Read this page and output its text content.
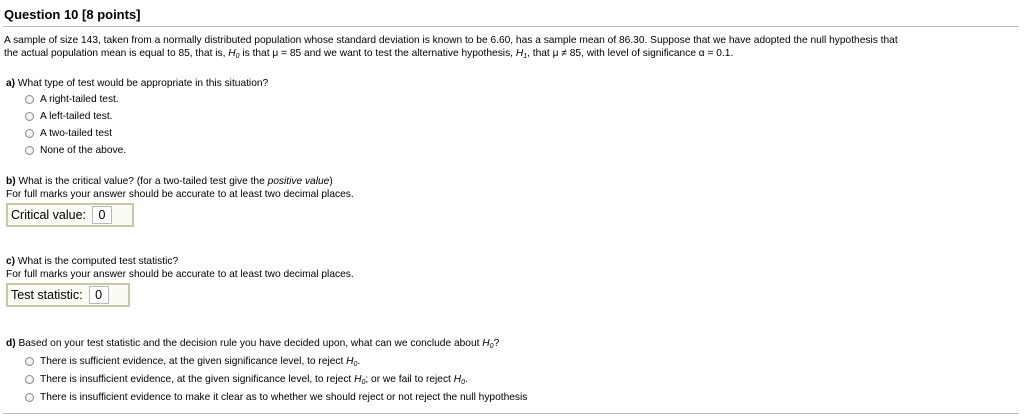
Question 10 [8 points]
A sample of size 143, taken from a normally distributed population whose standard deviation is known to be 6.60, has a sample mean of 86.30. Suppose that we have adopted the null hypothesis that
the actual population mean is equal to 85, that is, $H_0$ is that μ = 85 and we want to test the alternative hypothesis, $H_1$, that μ ≠ 85, with level of significance α = 0.1.
a) What type of test would be appropriate in this situation?
A right-tailed test.
A left-tailed test.
A two-tailed test
None of the above.
b) What is the critical value? (for a two-tailed test give the positive value)
For full marks your answer should be accurate to at least two decimal places.
Critical value:	0
c) What is the computed test statistic?
For full marks your answer should be accurate to at least two decimal places.
Test statistic:	0
d) Based on your test statistic and the decision rule you have decided upon, what can we conclude about $H_0$?
There is sufficient evidence, at the given significance level, to reject $H_0$.
There is insufficient evidence, at the given significance level, to reject $H_0$; or we fail to reject $H_0$.
There is insufficient evidence to make it clear as to whether we should reject or not reject the null hypothesis
